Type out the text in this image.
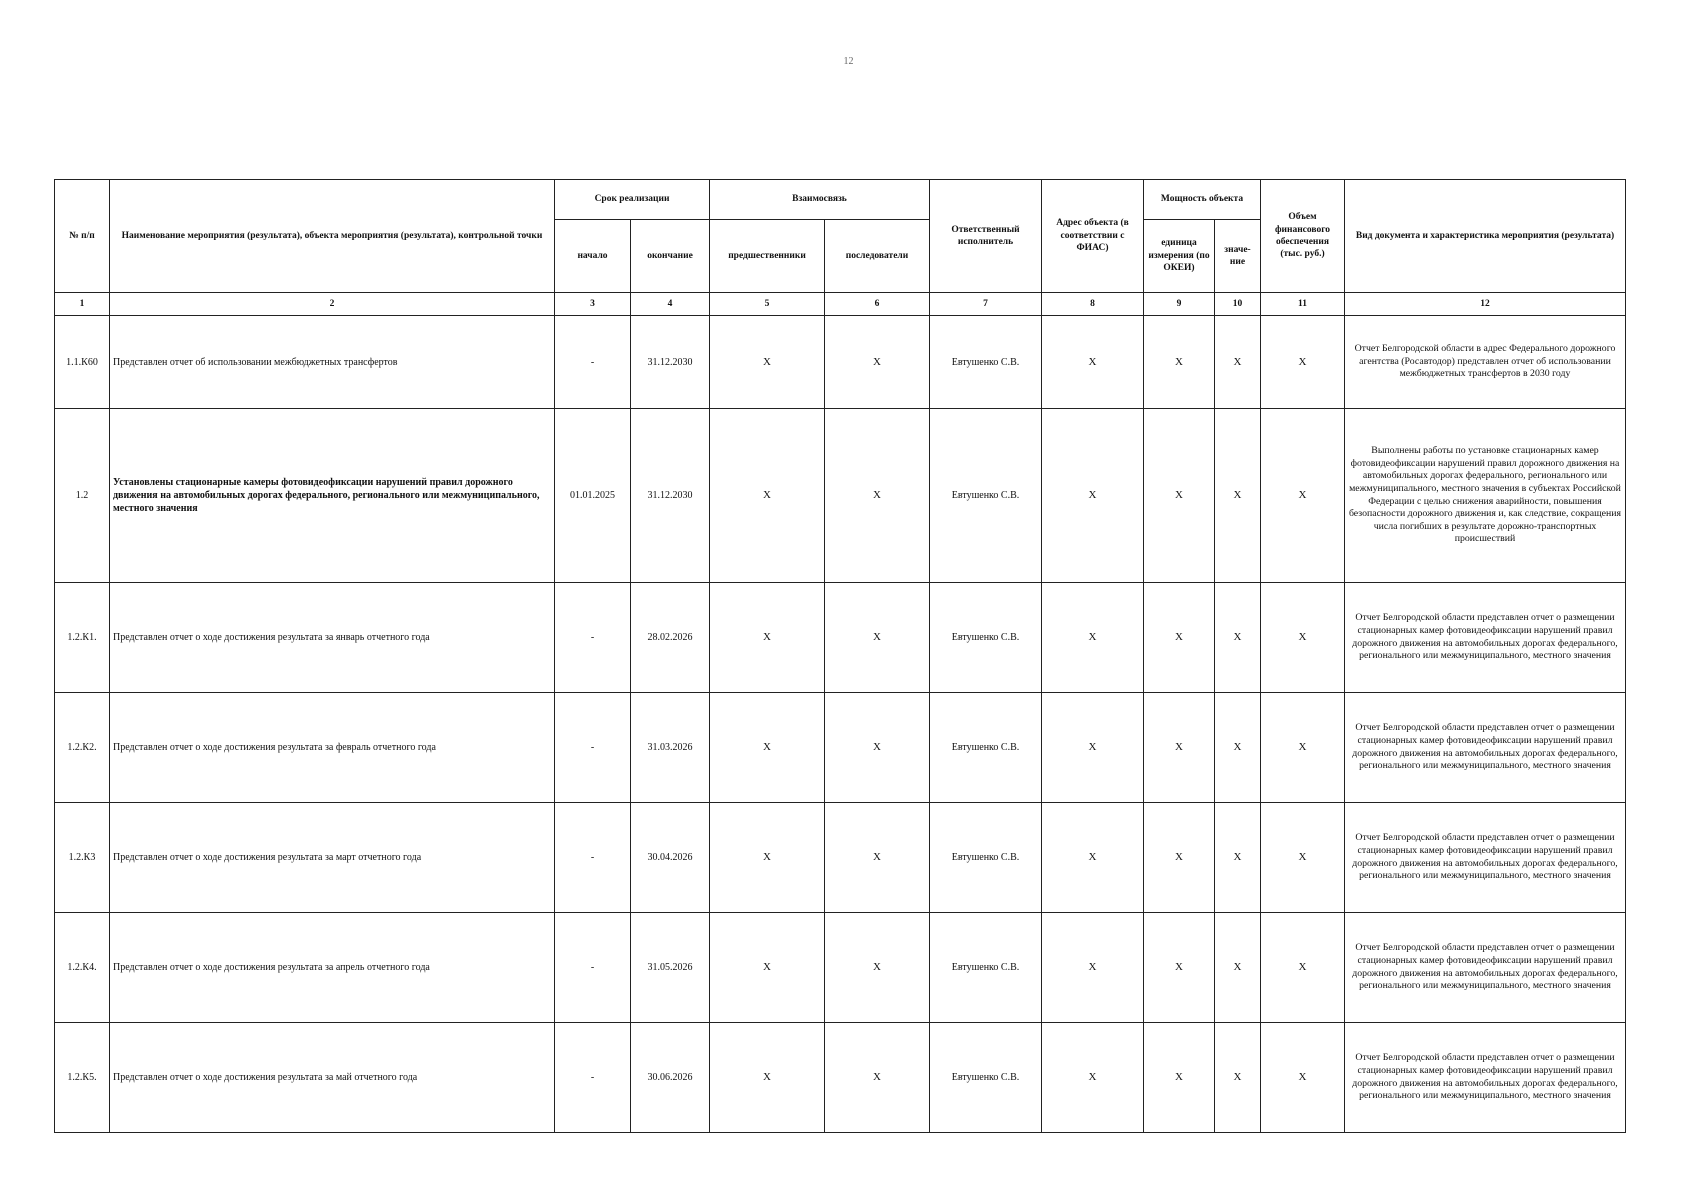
12
№ п/п	Наименование мероприятия (результата), объекта мероприятия (результата), контрольной точки	Срок реализации		Взаимосвязь		Ответственный исполнитель	Адрес объекта (в соответствии с ФИАС)	Мощность объекта		Объем финансового обеспечения (тыс. руб.)	Вид документа и характеристика мероприятия (результата)
		начало	окончание	предшественники	последователи			единица измерения (по ОКЕИ)	значе-ние		
1	2	3	4	5	6	7	8	9	10	11	12
1.1.К60	Представлен отчет об использовании межбюджетных трансфертов	-	31.12.2030	Х	Х	Евтушенко С.В.	Х	Х	Х	Х	Отчет Белгородской области в адрес Федерального дорожного агентства (Росавтодор) представлен отчет об использовании межбюджетных трансфертов в 2030 году
1.2	Установлены стационарные камеры фотовидеофиксации нарушений правил дорожного движения на автомобильных дорогах федерального, регионального или межмуниципального, местного значения	01.01.2025	31.12.2030	Х	Х	Евтушенко С.В.	Х	Х	Х	Х	Выполнены работы по установке стационарных камер фотовидеофиксации нарушений правил дорожного движения на автомобильных дорогах федерального, регионального или межмуниципального, местного значения в субъектах Российской Федерации с целью снижения аварийности, повышения безопасности дорожного движения и, как следствие, сокращения числа погибших в результате дорожно-транспортных происшествий
1.2.К1.	Представлен отчет о ходе достижения результата за январь отчетного года	-	28.02.2026	Х	Х	Евтушенко С.В.	Х	Х	Х	Х	Отчет Белгородской области представлен отчет о размещении стационарных камер фотовидеофиксации нарушений правил дорожного движения на автомобильных дорогах федерального, регионального или межмуниципального, местного значения
1.2.К2.	Представлен отчет о ходе достижения результата за февраль отчетного года	-	31.03.2026	Х	Х	Евтушенко С.В.	Х	Х	Х	Х	Отчет Белгородской области представлен отчет о размещении стационарных камер фотовидеофиксации нарушений правил дорожного движения на автомобильных дорогах федерального, регионального или межмуниципального, местного значения
1.2.К3	Представлен отчет о ходе достижения результата за март отчетного года	-	30.04.2026	Х	Х	Евтушенко С.В.	Х	Х	Х	Х	Отчет Белгородской области представлен отчет о размещении стационарных камер фотовидеофиксации нарушений правил дорожного движения на автомобильных дорогах федерального, регионального или межмуниципального, местного значения
1.2.К4.	Представлен отчет о ходе достижения результата за апрель отчетного года	-	31.05.2026	Х	Х	Евтушенко С.В.	Х	Х	Х	Х	Отчет Белгородской области представлен отчет о размещении стационарных камер фотовидеофиксации нарушений правил дорожного движения на автомобильных дорогах федерального, регионального или межмуниципального, местного значения
1.2.К5.	Представлен отчет о ходе достижения результата за май отчетного года	-	30.06.2026	Х	Х	Евтушенко С.В.	Х	Х	Х	Х	Отчет Белгородской области представлен отчет о размещении стационарных камер фотовидеофиксации нарушений правил дорожного движения на автомобильных дорогах федерального, регионального или межмуниципального, местного значения
